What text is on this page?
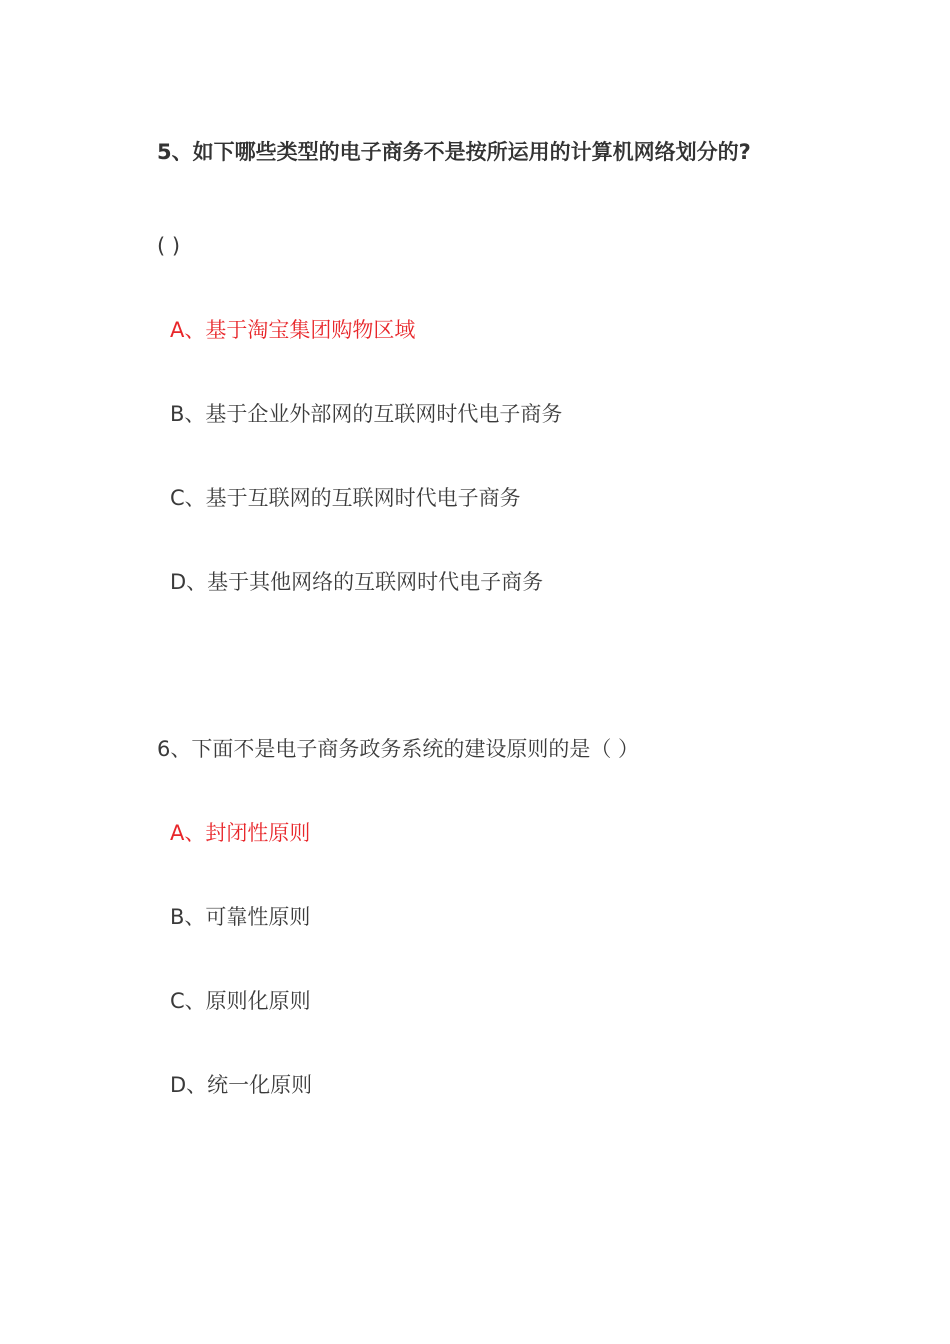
5、如下哪些类型的电子商务不是按所运用的计算机网络划分的?
( )
A、基于淘宝集团购物区域
B、基于企业外部网的互联网时代电子商务
C、基于互联网的互联网时代电子商务
D、基于其他网络的互联网时代电子商务
6、下面不是电子商务政务系统的建设原则的是（ ）
A、封闭性原则
B、可靠性原则
C、原则化原则
D、统一化原则
